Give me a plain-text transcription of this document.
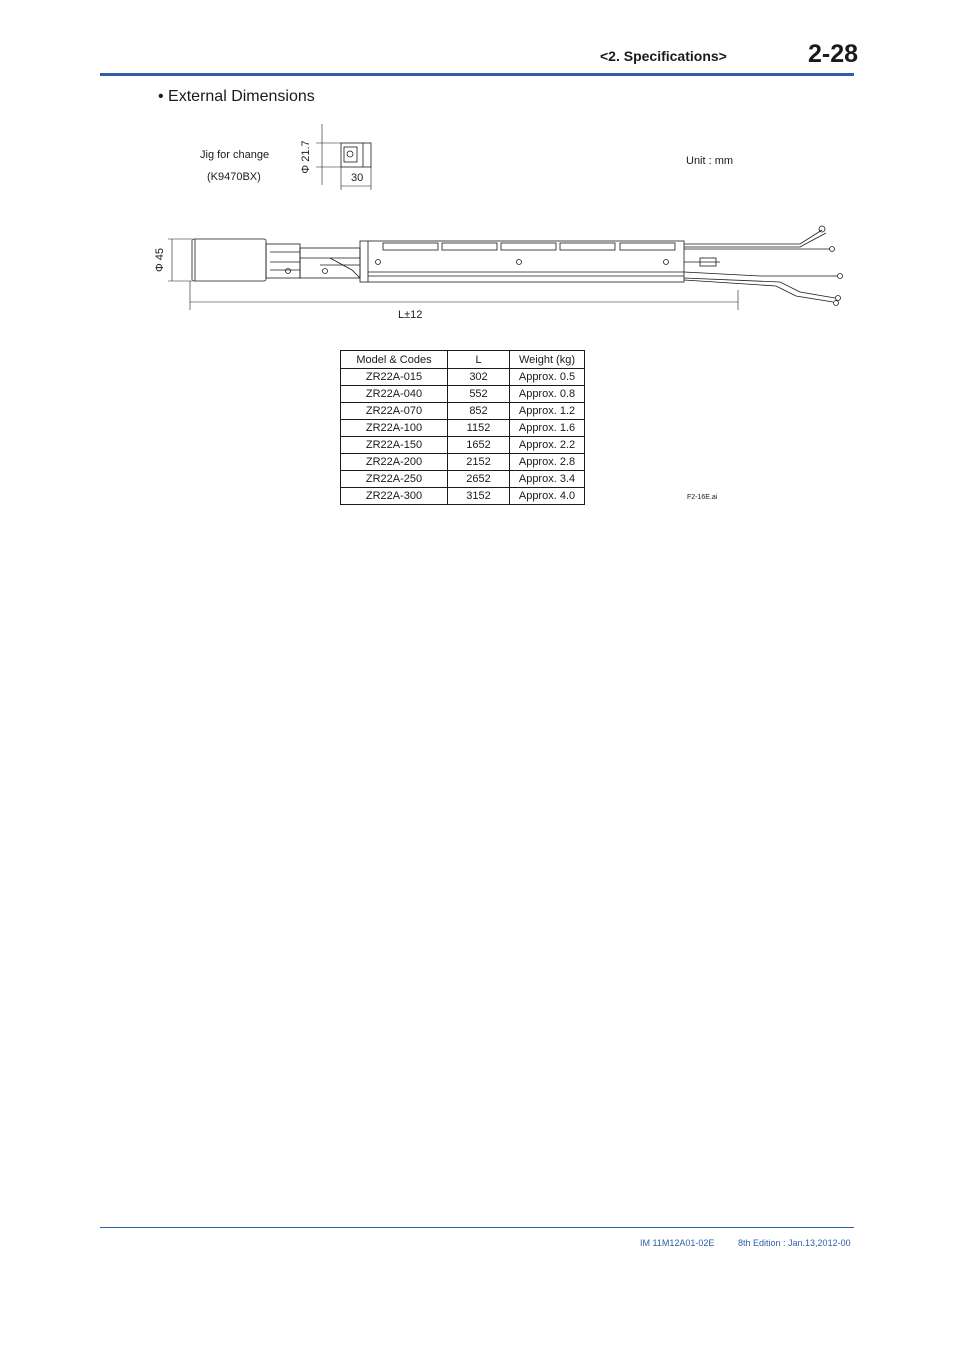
<2. Specifications>	2-28
• External Dimensions
Jig for change
(K9470BX)
Unit : mm
Φ 21.7
30
Φ 45
L±12
Model & Codes	L	Weight (kg)
ZR22A-015	302	Approx. 0.5
ZR22A-040	552	Approx. 0.8
ZR22A-070	852	Approx. 1.2
ZR22A-100	1152	Approx. 1.6
ZR22A-150	1652	Approx. 2.2
ZR22A-200	2152	Approx. 2.8
ZR22A-250	2652	Approx. 3.4
ZR22A-300	3152	Approx. 4.0	F2-16E.ai
IM 11M12A01-02E	8th Edition : Jan.13,2012-00
